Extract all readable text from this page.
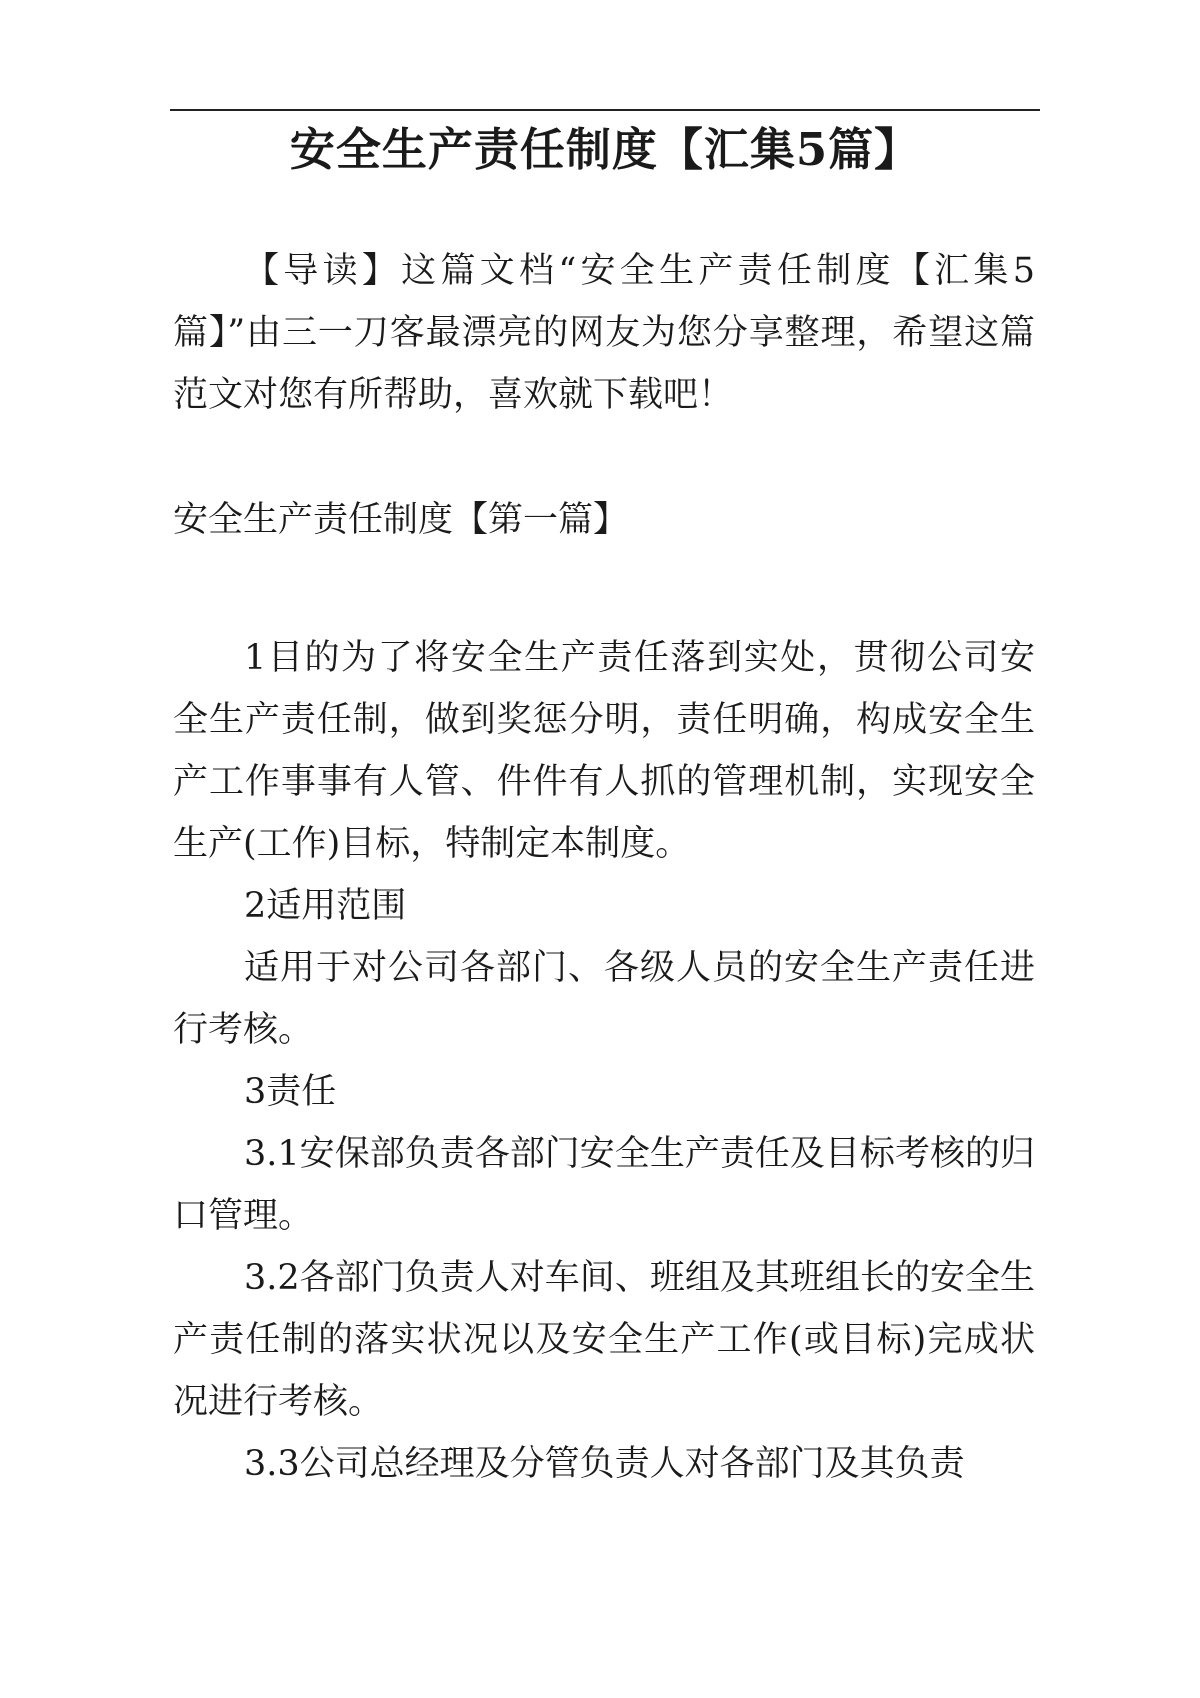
安全生产责任制度【汇集5篇】

【导读】这篇文档“安全生产责任制度【汇集5篇】”由三一刀客最漂亮的网友为您分享整理，希望这篇范文对您有所帮助，喜欢就下载吧！

安全生产责任制度【第一篇】

1目的为了将安全生产责任落到实处，贯彻公司安全生产责任制，做到奖惩分明，责任明确，构成安全生产工作事事有人管、件件有人抓的管理机制，实现安全生产(工作)目标，特制定本制度。

2适用范围

适用于对公司各部门、各级人员的安全生产责任进行考核。

3责任

3.1安保部负责各部门安全生产责任及目标考核的归口管理。

3.2各部门负责人对车间、班组及其班组长的安全生产责任制的落实状况以及安全生产工作(或目标)完成状况进行考核。

3.3公司总经理及分管负责人对各部门及其负责
